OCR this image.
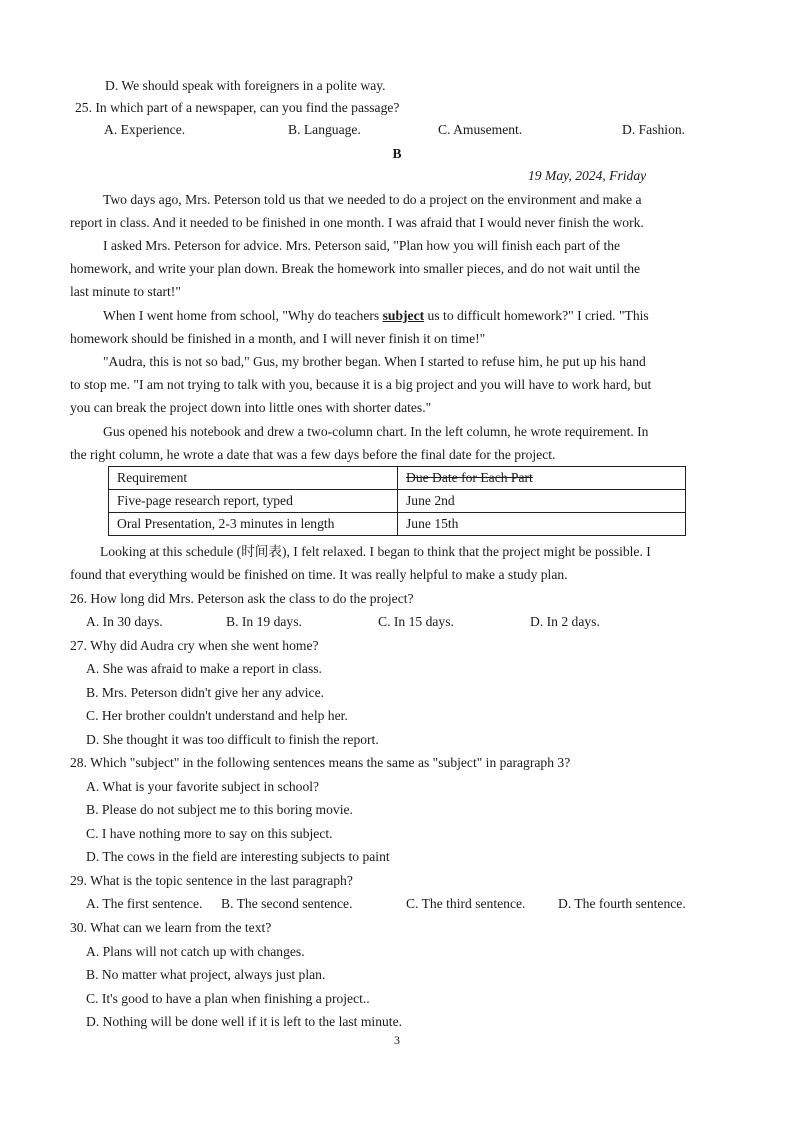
D. We should speak with foreigners in a polite way.
25. In which part of a newspaper, can you find the passage?
A. Experience.	B. Language.	C. Amusement.	D. Fashion.
B
19 May, 2024, Friday
Two days ago, Mrs. Peterson told us that we needed to do a project on the environment and make a
report in class. And it needed to be finished in one month. I was afraid that I would never finish the work.
I asked Mrs. Peterson for advice. Mrs. Peterson said, "Plan how you will finish each part of the
homework, and write your plan down. Break the homework into smaller pieces, and do not wait until the
last minute to start!"
When I went home from school, "Why do teachers subject us to difficult homework?" I cried. "This
homework should be finished in a month, and I will never finish it on time!"
"Audra, this is not so bad," Gus, my brother began. When I started to refuse him, he put up his hand
to stop me. "I am not trying to talk with you, because it is a big project and you will have to work hard, but
you can break the project down into little ones with shorter dates."
Gus opened his notebook and drew a two-column chart. In the left column, he wrote requirement. In
the right column, he wrote a date that was a few days before the final date for the project.
Requirement	Due Date for Each Part
Five-page research report, typed	June 2nd
Oral Presentation, 2-3 minutes in length	June 15th
Looking at this schedule (时间表), I felt relaxed. I began to think that the project might be possible. I
found that everything would be finished on time. It was really helpful to make a study plan.
26. How long did Mrs. Peterson ask the class to do the project?
A. In 30 days.	B. In 19 days.	C. In 15 days.	D. In 2 days.
27. Why did Audra cry when she went home?
A. She was afraid to make a report in class.
B. Mrs. Peterson didn't give her any advice.
C. Her brother couldn't understand and help her.
D. She thought it was too difficult to finish the report.
28. Which "subject" in the following sentences means the same as "subject" in paragraph 3?
A. What is your favorite subject in school?
B. Please do not subject me to this boring movie.
C. I have nothing more to say on this subject.
D. The cows in the field are interesting subjects to paint
29. What is the topic sentence in the last paragraph?
A. The first sentence. B. The second sentence.	C. The third sentence. D. The fourth sentence.
30. What can we learn from the text?
A. Plans will not catch up with changes.
B. No matter what project, always just plan.
C. It's good to have a plan when finishing a project..
D. Nothing will be done well if it is left to the last minute.
3
